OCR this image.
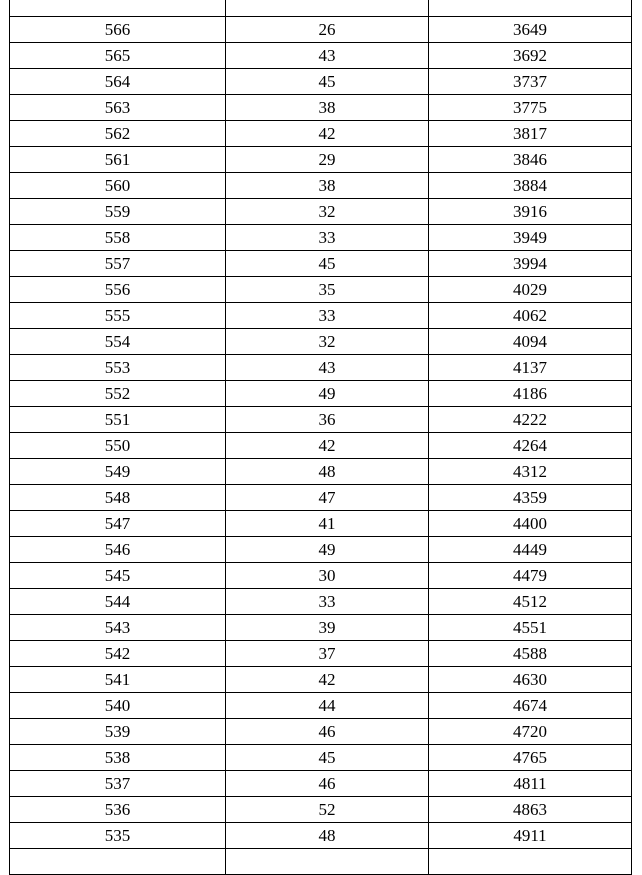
566	26	3649
565	43	3692
564	45	3737
563	38	3775
562	42	3817
561	29	3846
560	38	3884
559	32	3916
558	33	3949
557	45	3994
556	35	4029
555	33	4062
554	32	4094
553	43	4137
552	49	4186
551	36	4222
550	42	4264
549	48	4312
548	47	4359
547	41	4400
546	49	4449
545	30	4479
544	33	4512
543	39	4551
542	37	4588
541	42	4630
540	44	4674
539	46	4720
538	45	4765
537	46	4811
536	52	4863
535	48	4911
